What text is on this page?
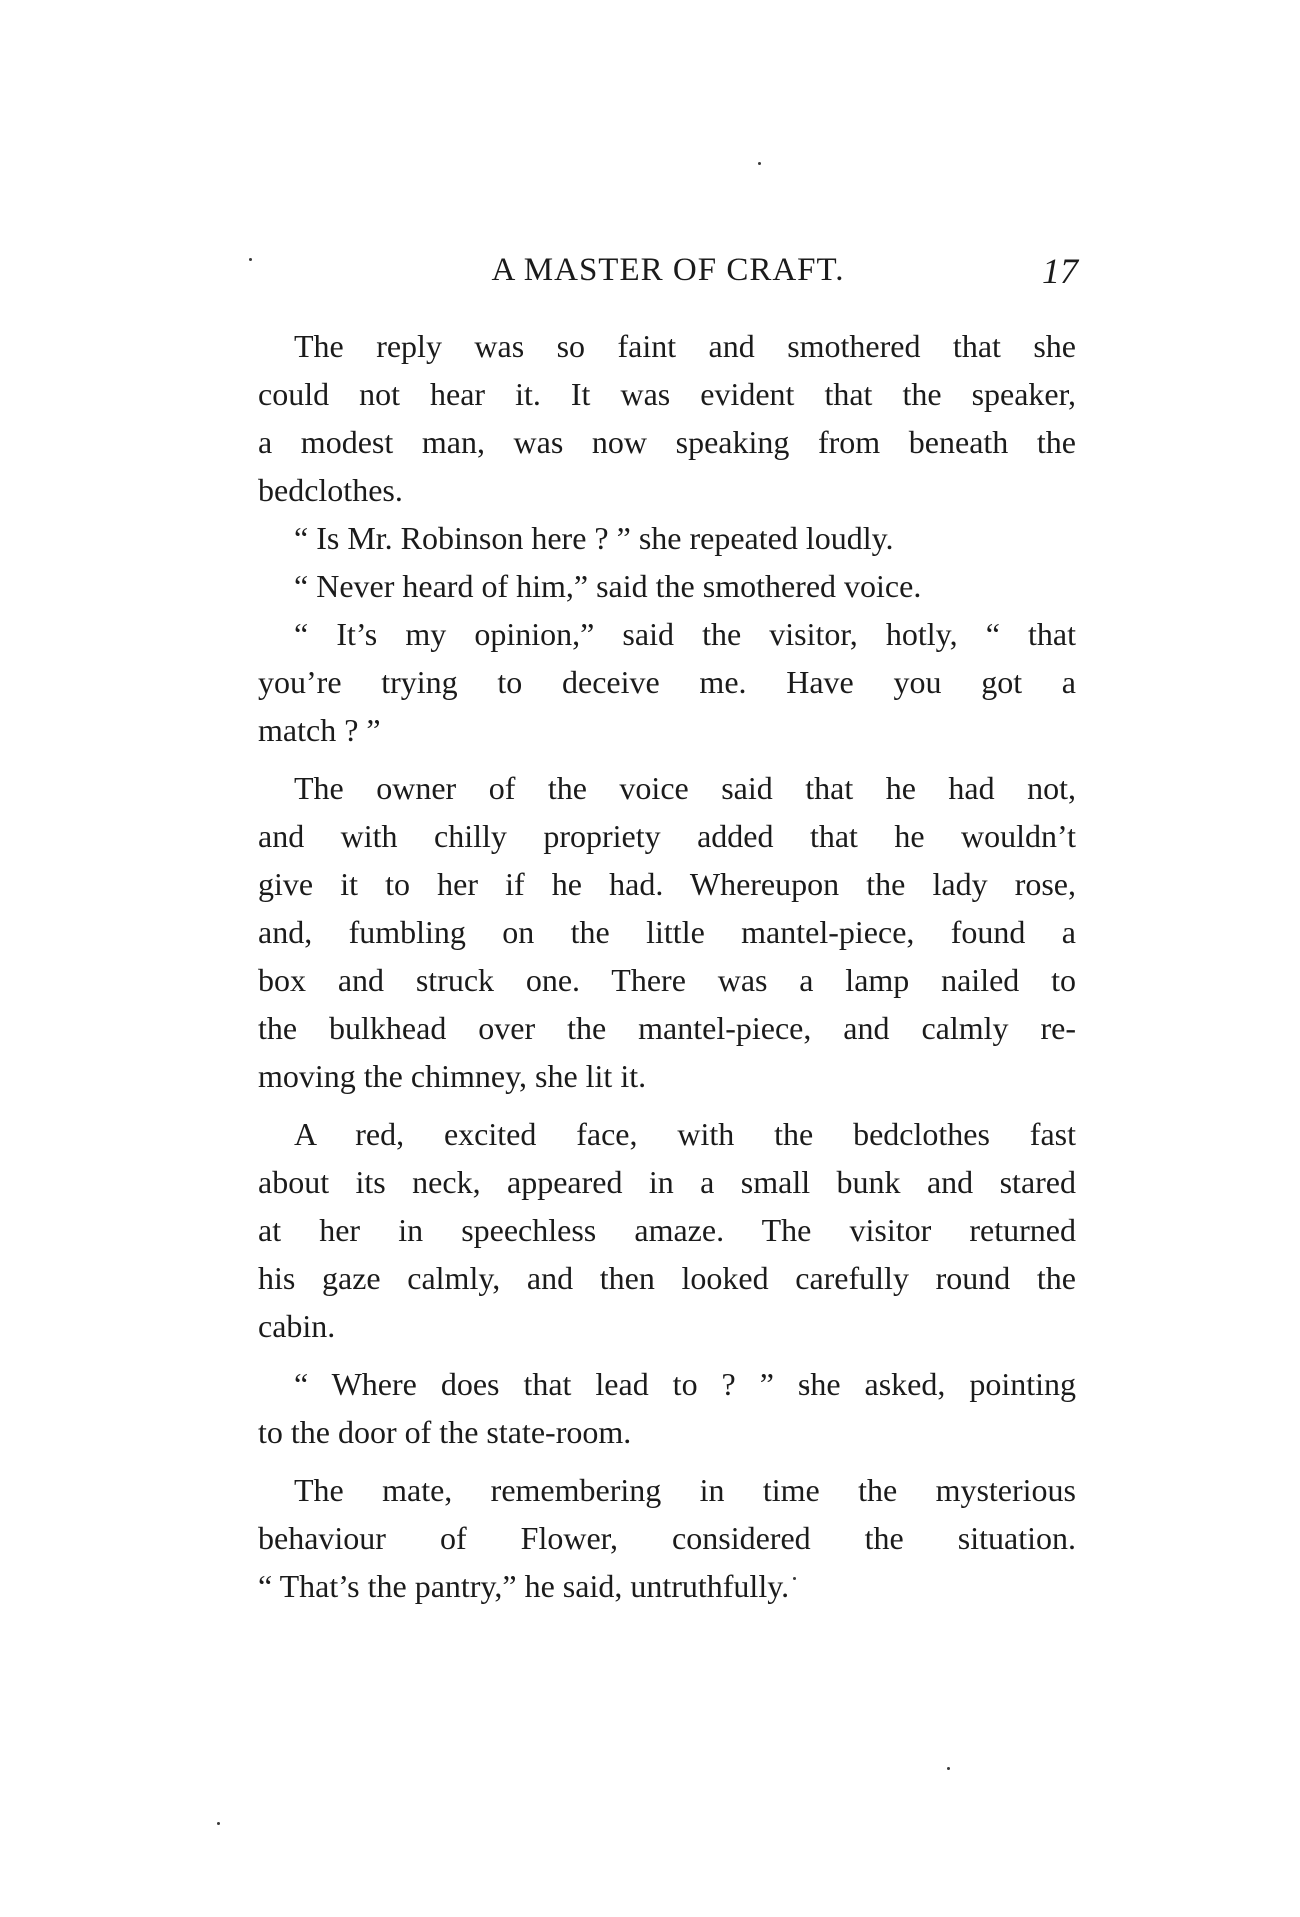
A MASTER OF CRAFT.	17
The reply was so faint and smothered that she
could not hear it. It was evident that the speaker,
a modest man, was now speaking from beneath the
bedclothes.
“ Is Mr. Robinson here ? ” she repeated loudly.
“ Never heard of him,” said the smothered voice.
“ It’s my opinion,” said the visitor, hotly, “ that
you’re trying to deceive me. Have you got a
match ? ”
The owner of the voice said that he had not,
and with chilly propriety added that he wouldn’t
give it to her if he had. Whereupon the lady rose,
and, fumbling on the little mantel-piece, found a
box and struck one. There was a lamp nailed to
the bulkhead over the mantel-piece, and calmly re-
moving the chimney, she lit it.
A red, excited face, with the bedclothes fast
about its neck, appeared in a small bunk and stared
at her in speechless amaze. The visitor returned
his gaze calmly, and then looked carefully round the
cabin.
“ Where does that lead to ? ” she asked, pointing
to the door of the state-room.
The mate, remembering in time the mysterious
behaviour of Flower, considered the situation.
“ That’s the pantry,” he said, untruthfully.
